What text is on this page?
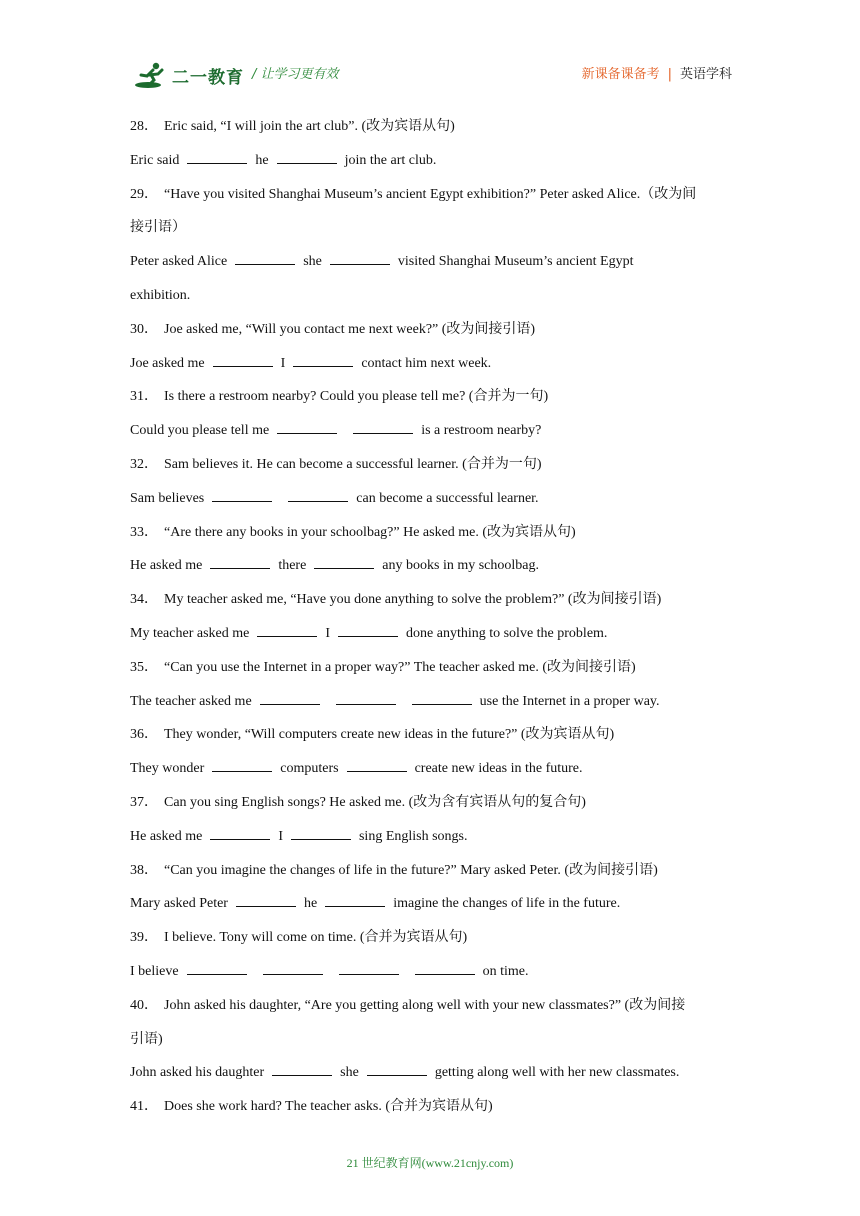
二一教育 / 让学习更有效	新课备课备考 | 英语学科
28． Eric said, “I will join the art club”. (改为宾语从句)
Eric said	he	join the art club.
29． “Have you visited Shanghai Museum’s ancient Egypt exhibition?” Peter asked Alice.（改为间
接引语）
Peter asked Alice	she	visited Shanghai Museum’s ancient Egypt
exhibition.
30． Joe asked me, “Will you contact me next week?” (改为间接引语)
Joe asked me	I	contact him next week.
31． Is there a restroom nearby? Could you please tell me? (合并为一句)
Could you please tell me	is a restroom nearby?
32． Sam believes it. He can become a successful learner. (合并为一句)
Sam believes	can become a successful learner.
33． “Are there any books in your schoolbag?” He asked me. (改为宾语从句)
He asked me	there	any books in my schoolbag.
34． My teacher asked me, “Have you done anything to solve the problem?” (改为间接引语)
My teacher asked me	I	done anything to solve the problem.
35． “Can you use the Internet in a proper way?” The teacher asked me. (改为间接引语)
The teacher asked me	use the Internet in a proper way.
36． They wonder, “Will computers create new ideas in the future?” (改为宾语从句)
They wonder	computers	create new ideas in the future.
37． Can you sing English songs? He asked me. (改为含有宾语从句的复合句)
He asked me	I	sing English songs.
38． “Can you imagine the changes of life in the future?” Mary asked Peter. (改为间接引语)
Mary asked Peter	he	imagine the changes of life in the future.
39． I believe. Tony will come on time. (合并为宾语从句)
I believe	on time.
40． John asked his daughter, “Are you getting along well with your new classmates?” (改为间接
引语)
John asked his daughter	she	getting along well with her new classmates.
41． Does she work hard? The teacher asks. (合并为宾语从句)
21 世纪教育网(www.21cnjy.com)
